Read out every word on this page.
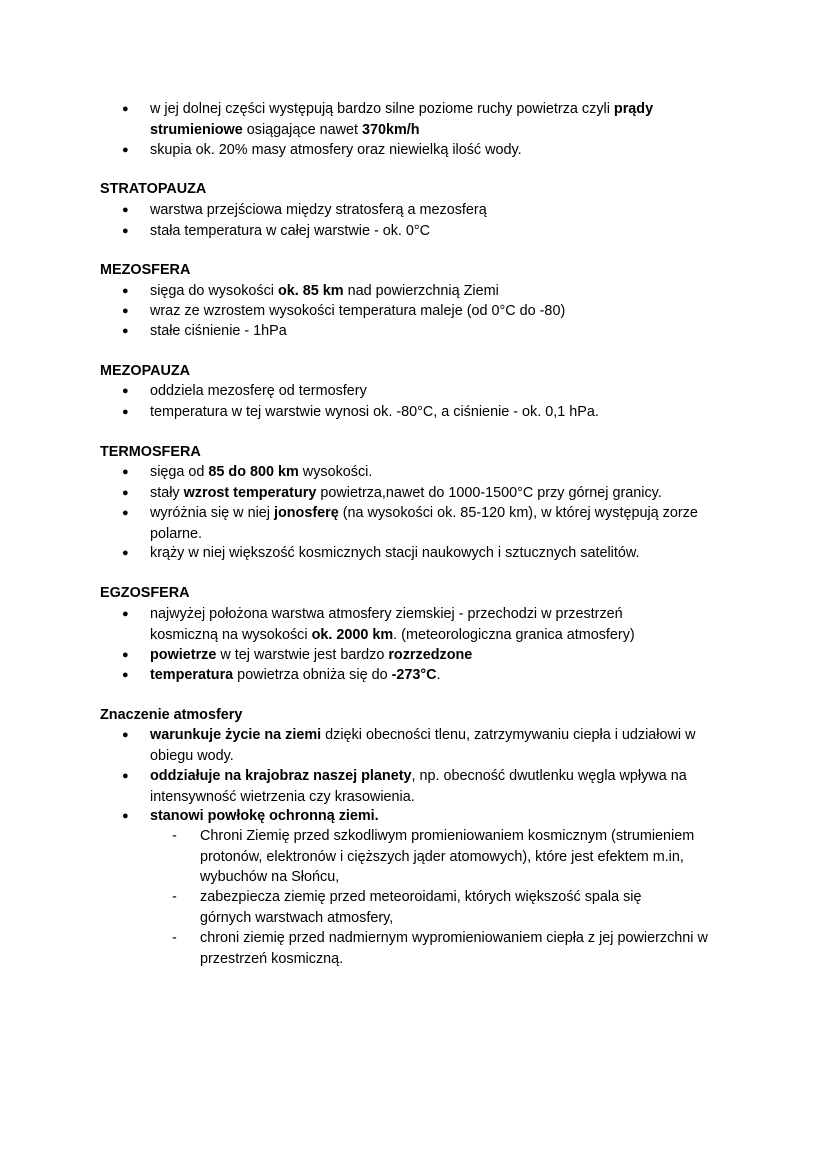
● w jej dolnej części występują bardzo silne poziome ruchy powietrza czyli prądy strumieniowe osiągające nawet 370km/h
● skupia ok. 20% masy atmosfery oraz niewielką ilość wody.
STRATOPAUZA
● warstwa przejściowa między stratosferą a mezosferą
● stała temperatura w całej warstwie - ok. 0°C
MEZOSFERA
● sięga do wysokości ok. 85 km nad powierzchnią Ziemi
● wraz ze wzrostem wysokości temperatura maleje (od 0°C do -80)
● stałe ciśnienie - 1hPa
MEZOPAUZA
● oddziela mezosferę od termosfery
● temperatura w tej warstwie wynosi ok. -80°C, a ciśnienie - ok. 0,1 hPa.
TERMOSFERA
● sięga od 85 do 800 km wysokości.
● stały wzrost temperatury powietrza,nawet do 1000-1500°C przy górnej granicy.
● wyróżnia się w niej jonosferę (na wysokości ok. 85-120 km), w której występują zorze polarne.
● krąży w niej większość kosmicznych stacji naukowych i sztucznych satelitów.
EGZOSFERA
● najwyżej położona warstwa atmosfery ziemskiej - przechodzi w przestrzeń kosmiczną na wysokości ok. 2000 km. (meteorologiczna granica atmosfery)
● powietrze w tej warstwie jest bardzo rozrzedzone
● temperatura powietrza obniża się do -273°C.
Znaczenie atmosfery
● warunkuje życie na ziemi dzięki obecności tlenu, zatrzymywaniu ciepła i udziałowi w obiegu wody.
● oddziałuje na krajobraz naszej planety, np. obecność dwutlenku węgla wpływa na intensywność wietrzenia czy krasowienia.
● stanowi powłokę ochronną ziemi.
- Chroni Ziemię przed szkodliwym promieniowaniem kosmicznym (strumieniem protonów, elektronów i cięższych jąder atomowych), które jest efektem m.in, wybuchów na Słońcu,
- zabezpiecza ziemię przed meteoroidami, których większość spala się górnych warstwach atmosfery,
- chroni ziemię przed nadmiernym wypromieniowaniem ciepła z jej powierzchni w przestrzeń kosmiczną.
